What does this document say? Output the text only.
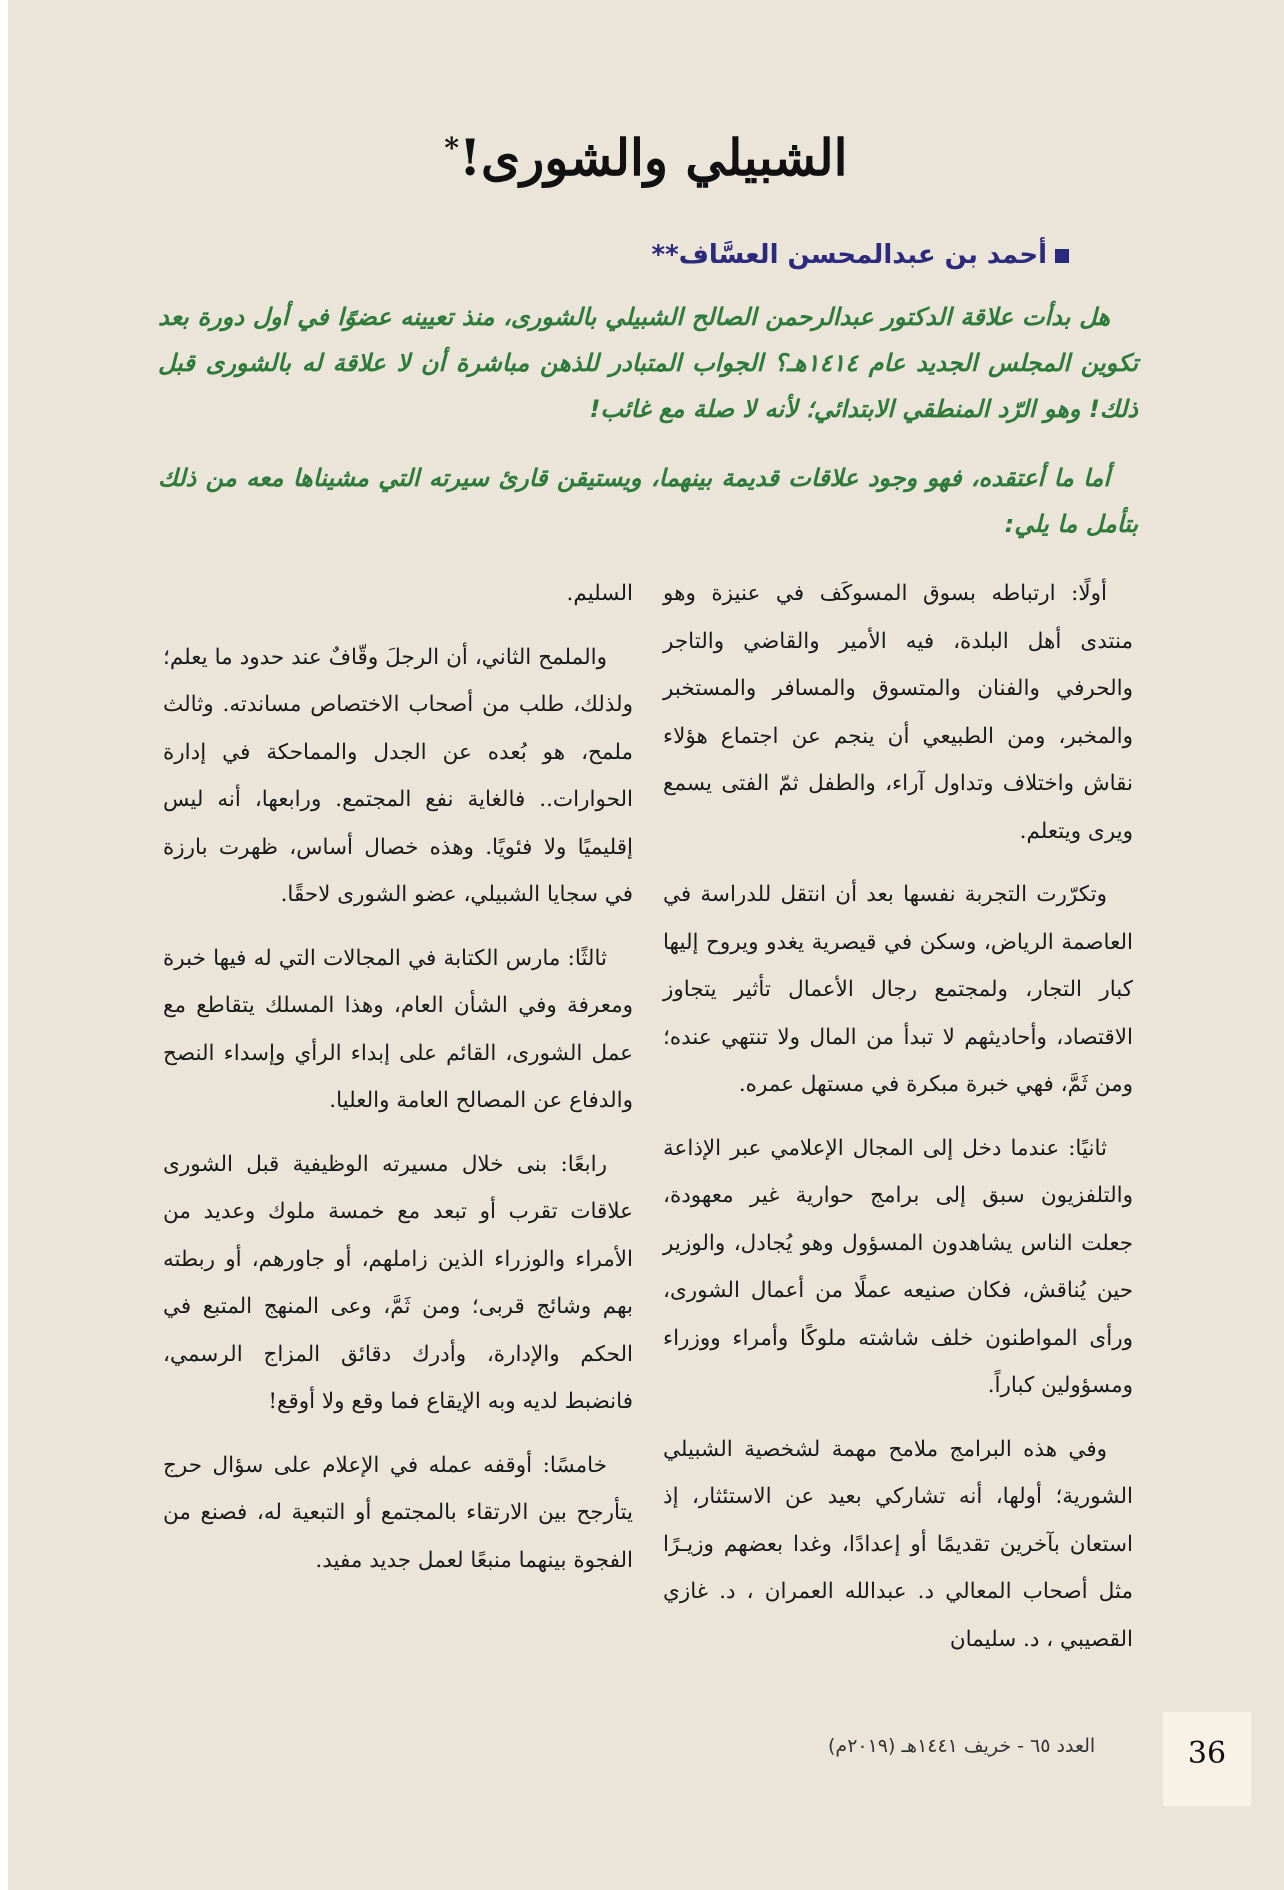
الشبيلي والشورى!*
أحمد بن عبدالمحسن العسَّاف**

هل بدأت علاقة الدكتور عبدالرحمن الصالح الشبيلي بالشورى، منذ تعيينه عضوًا في أول دورة بعد تكوين المجلس الجديد عام ١٤١٤هـ؟ الجواب المتبادر للذهن مباشرة أن لا علاقة له بالشورى قبل ذلك! وهو الرّد المنطقي الابتدائي؛ لأنه لا صلة مع غائب!

أما ما أعتقده، فهو وجود علاقات قديمة بينهما، ويستيقن قارئ سيرته التي مشيناها معه من ذلك بتأمل ما يلي:

أولًا: ارتباطه بسوق المسوكَف في عنيزة وهو منتدى أهل البلدة، فيه الأمير والقاضي والتاجر والحرفي والفنان والمتسوق والمسافر والمستخبر والمخبر، ومن الطبيعي أن ينجم عن اجتماع هؤلاء نقاش واختلاف وتداول آراء، والطفل ثمّ الفتى يسمع ويرى ويتعلم.

وتكرّرت التجربة نفسها بعد أن انتقل للدراسة في العاصمة الرياض، وسكن في قيصرية يغدو ويروح إليها كبار التجار، ولمجتمع رجال الأعمال تأثير يتجاوز الاقتصاد، وأحاديثهم لا تبدأ من المال ولا تنتهي عنده؛ ومن ثَمَّ، فهي خبرة مبكرة في مستهل عمره.

ثانيًا: عندما دخل إلى المجال الإعلامي عبر الإذاعة والتلفزيون سبق إلى برامج حوارية غير معهودة، جعلت الناس يشاهدون المسؤول وهو يُجادل، والوزير حين يُناقش، فكان صنيعه عملًا من أعمال الشورى، ورأى المواطنون خلف شاشته ملوكًا وأمراء ووزراء ومسؤولين كباراً.

وفي هذه البرامج ملامح مهمة لشخصية الشبيلي الشورية؛ أولها، أنه تشاركي بعيد عن الاستئثار، إذ استعان بآخرين تقديمًا أو إعدادًا، وغدا بعضهم وزيـرًا مثل أصحاب المعالي د. عبدالله العمران ، د. غازي القصيبي ، د. سليمان

السليم.

والملمح الثاني، أن الرجلَ وقّافٌ عند حدود ما يعلم؛ ولذلك، طلب من أصحاب الاختصاص مساندته. وثالث ملمح، هو بُعده عن الجدل والمماحكة في إدارة الحوارات.. فالغاية نفع المجتمع. ورابعها، أنه ليس إقليميًا ولا فئويًا. وهذه خصال أساس، ظهرت بارزة في سجايا الشبيلي، عضو الشورى لاحقًا.

ثالثًا: مارس الكتابة في المجالات التي له فيها خبرة ومعرفة وفي الشأن العام، وهذا المسلك يتقاطع مع عمل الشورى، القائم على إبداء الرأي وإسداء النصح والدفاع عن المصالح العامة والعليا.

رابعًا: بنى خلال مسيرته الوظيفية قبل الشورى علاقات تقرب أو تبعد مع خمسة ملوك وعديد من الأمراء والوزراء الذين زاملهم، أو جاورهم، أو ربطته بهم وشائج قربى؛ ومن ثَمَّ، وعى المنهج المتبع في الحكم والإدارة، وأدرك دقائق المزاج الرسمي، فانضبط لديه وبه الإيقاع فما وقع ولا أوقع!

خامسًا: أوقفه عمله في الإعلام على سؤال حرج يتأرجح بين الارتقاء بالمجتمع أو التبعية له، فصنع من الفجوة بينهما منبعًا لعمل جديد مفيد.

العدد ٦٥ - خريف ١٤٤١هـ (٢٠١٩م)	36
